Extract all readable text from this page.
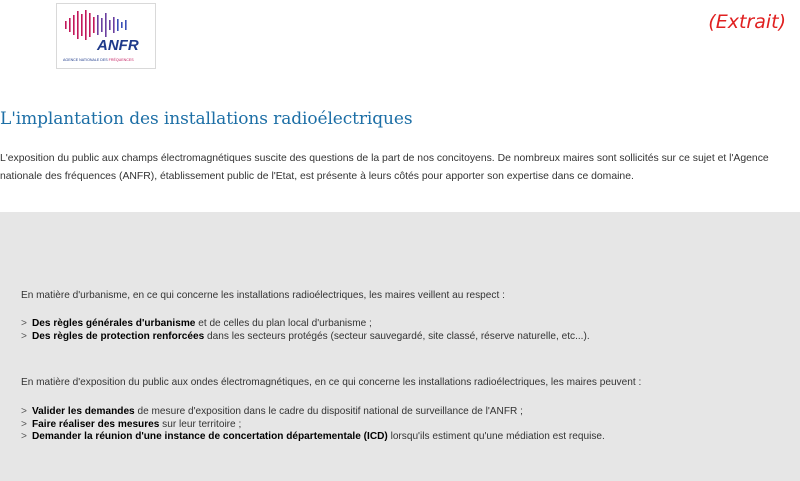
ANFR
AGENCE NATIONALE DES FRÉQUENCES
(Extrait)
L'implantation des installations radioélectriques

L'exposition du public aux champs électromagnétiques suscite des questions de la part de nos concitoyens. De nombreux maires sont sollicités sur ce sujet et l'Agence nationale des fréquences (ANFR), établissement public de l'Etat, est présente à leurs côtés pour apporter son expertise dans ce domaine.

En matière d'urbanisme, en ce qui concerne les installations radioélectriques, les maires veillent au respect :
> Des règles générales d'urbanisme et de celles du plan local d'urbanisme ;
> Des règles de protection renforcées dans les secteurs protégés (secteur sauvegardé, site classé, réserve naturelle, etc...).
En matière d'exposition du public aux ondes électromagnétiques, en ce qui concerne les installations radioélectriques, les maires peuvent :
> Valider les demandes de mesure d'exposition dans le cadre du dispositif national de surveillance de l'ANFR ;
> Faire réaliser des mesures sur leur territoire ;
> Demander la réunion d'une instance de concertation départementale (ICD) lorsqu'ils estiment qu'une médiation est requise.
